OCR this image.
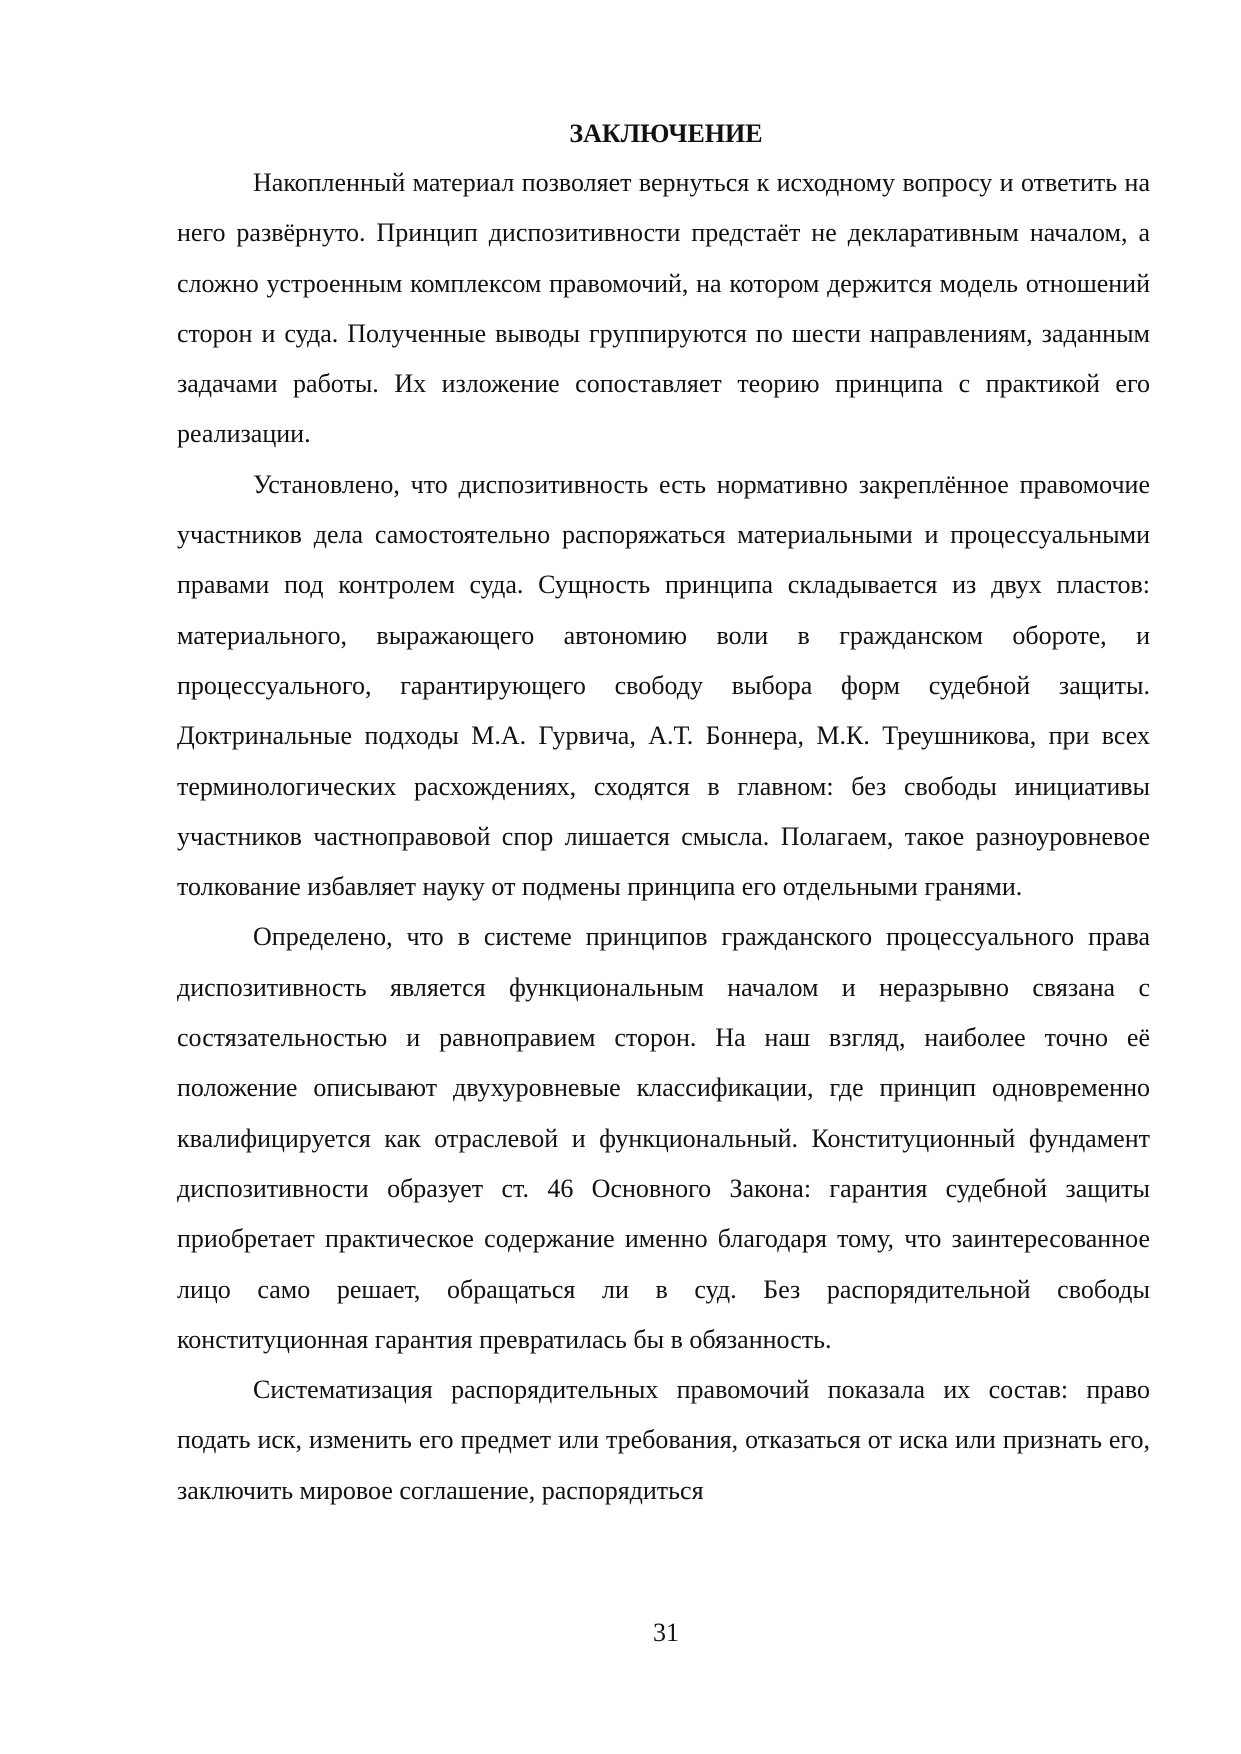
ЗАКЛЮЧЕНИЕ

Накопленный материал позволяет вернуться к исходному вопросу и ответить на него развёрнуто. Принцип диспозитивности предстаёт не декларативным началом, а сложно устроенным комплексом правомочий, на котором держится модель отношений сторон и суда. Полученные выводы группируются по шести направлениям, заданным задачами работы. Их изложение сопоставляет теорию принципа с практикой его реализации.

Установлено, что диспозитивность есть нормативно закреплённое правомочие участников дела самостоятельно распоряжаться материальными и процессуальными правами под контролем суда. Сущность принципа складывается из двух пластов: материального, выражающего автономию воли в гражданском обороте, и процессуального, гарантирующего свободу выбора форм судебной защиты. Доктринальные подходы М.А. Гурвича, А.Т. Боннера, М.К. Треушникова, при всех терминологических расхождениях, сходятся в главном: без свободы инициативы участников частноправовой спор лишается смысла. Полагаем, такое разноуровневое толкование избавляет науку от подмены принципа его отдельными гранями.

Определено, что в системе принципов гражданского процессуального права диспозитивность является функциональным началом и неразрывно связана с состязательностью и равноправием сторон. На наш взгляд, наиболее точно её положение описывают двухуровневые классификации, где принцип одновременно квалифицируется как отраслевой и функциональный. Конституционный фундамент диспозитивности образует ст. 46 Основного Закона: гарантия судебной защиты приобретает практическое содержание именно благодаря тому, что заинтересованное лицо само решает, обращаться ли в суд. Без распорядительной свободы конституционная гарантия превратилась бы в обязанность.

Систематизация распорядительных правомочий показала их состав: право подать иск, изменить его предмет или требования, отказаться от иска или признать его, заключить мировое соглашение, распорядиться

31
